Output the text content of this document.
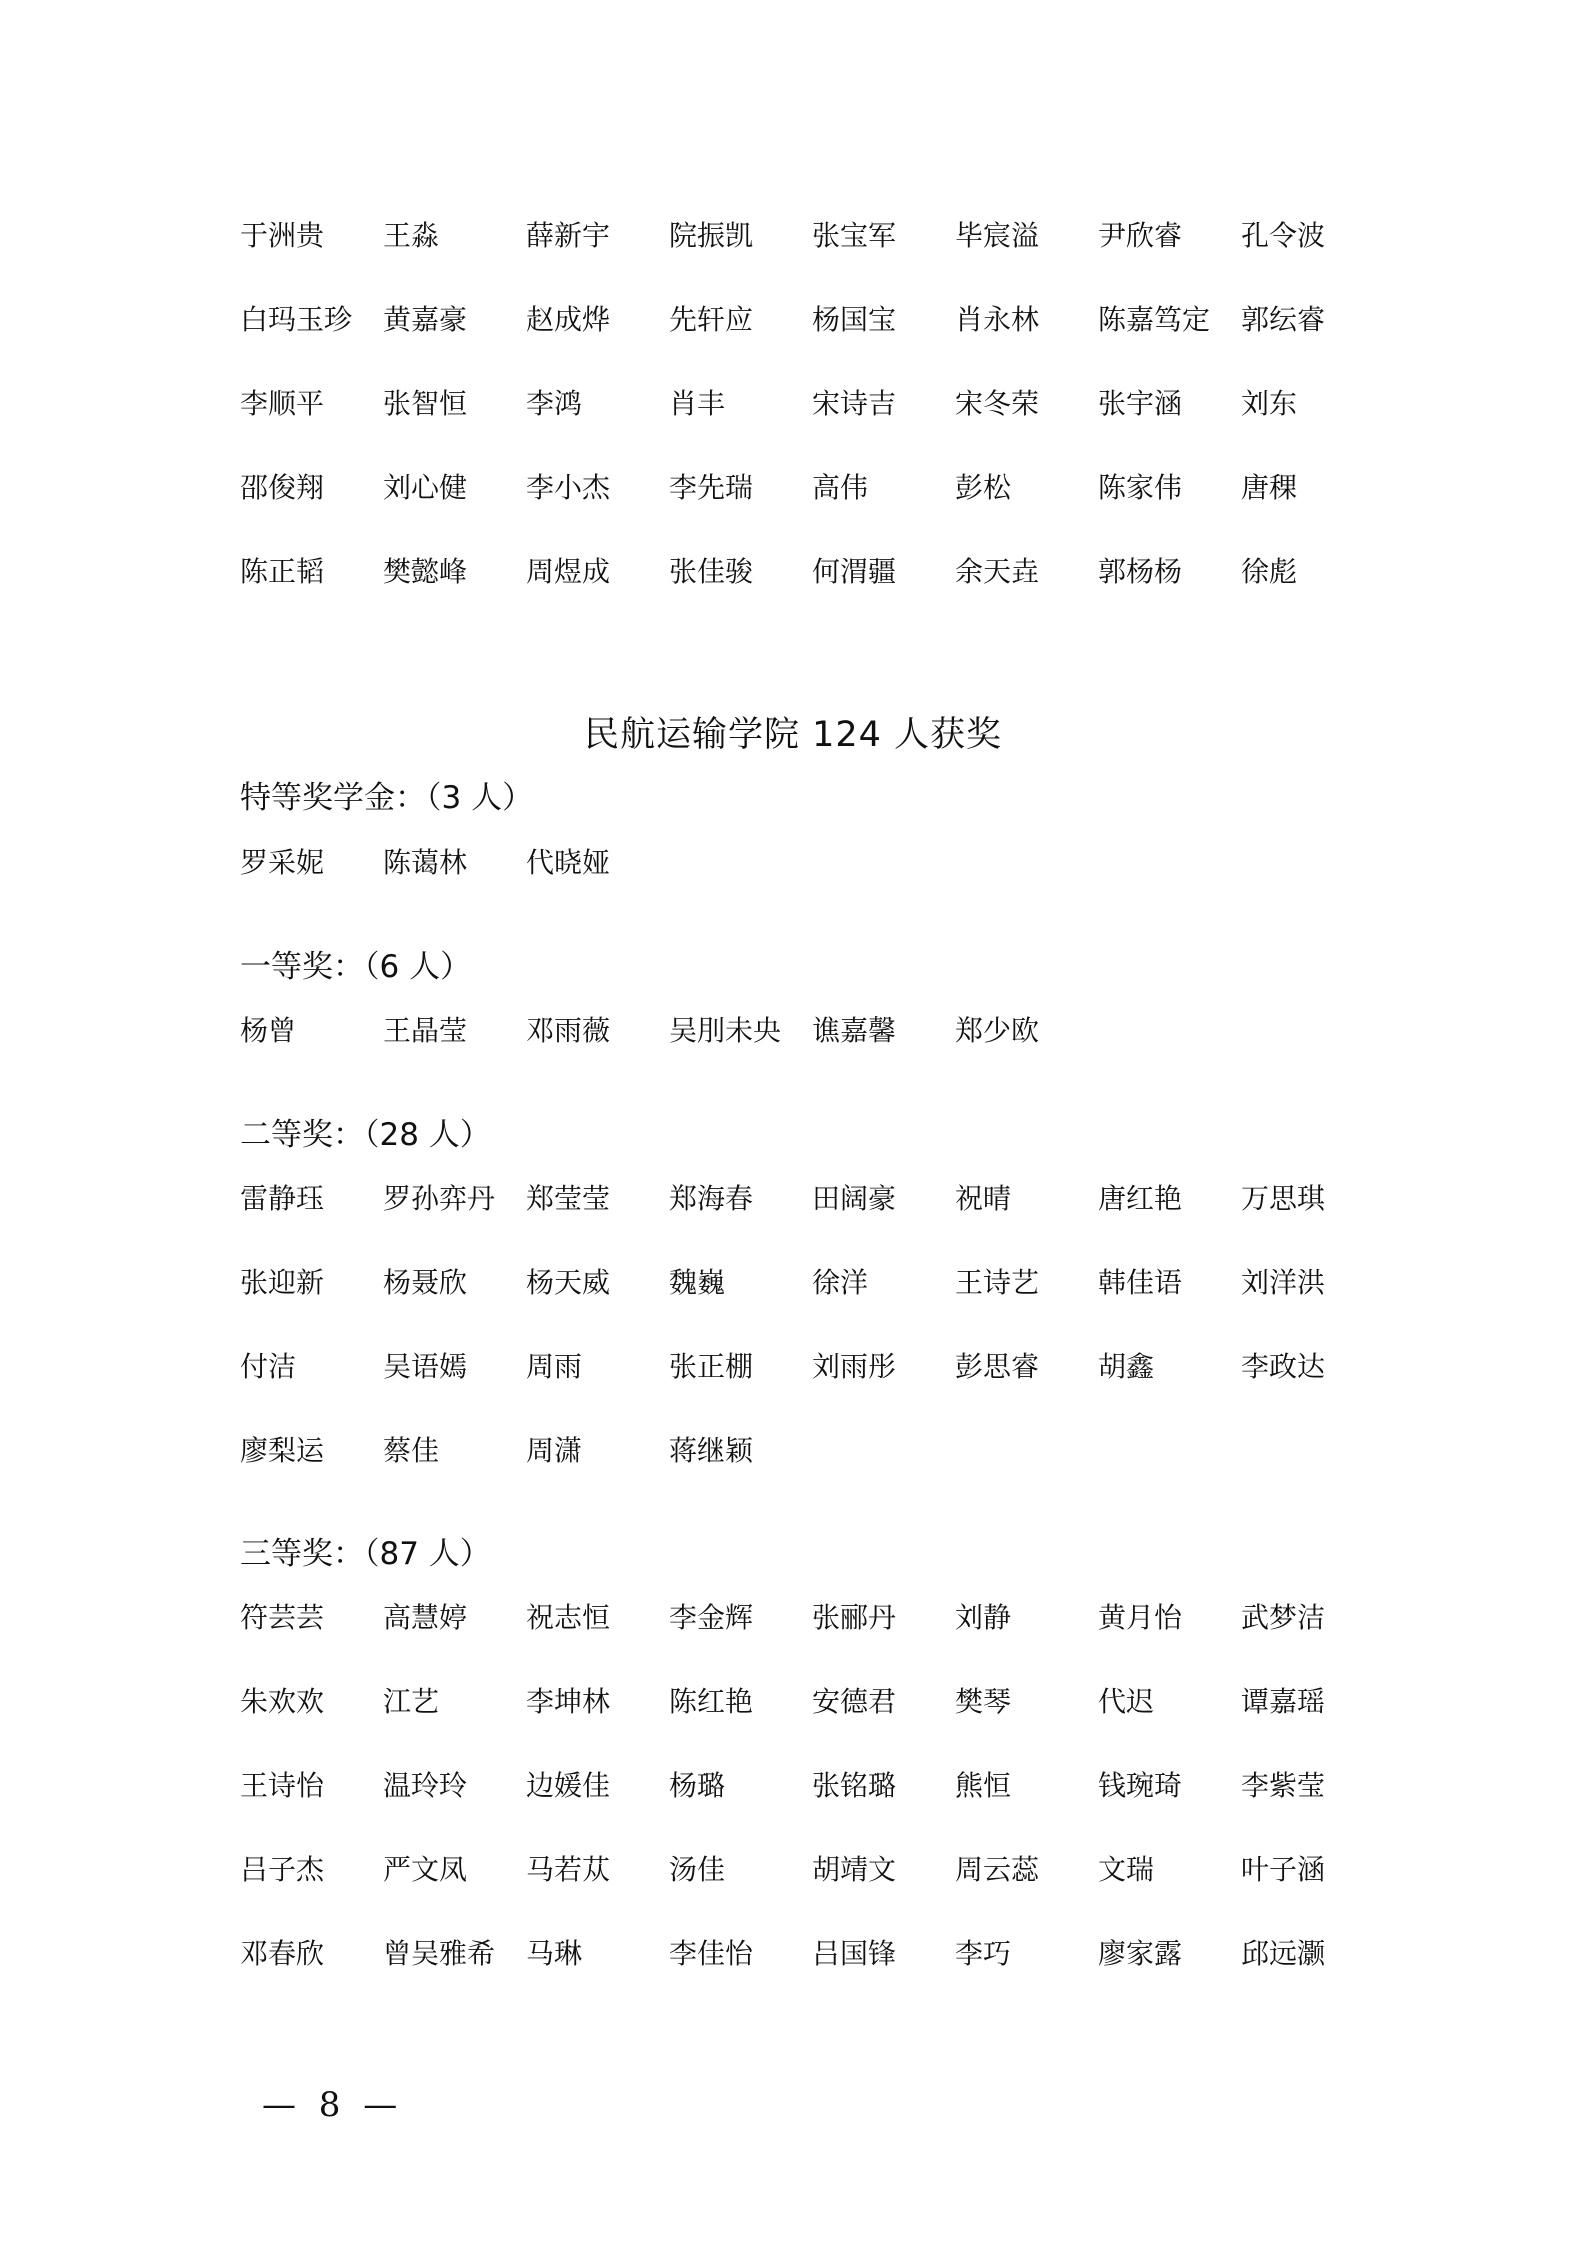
于洲贵 王淼	薛新宇 院振凯 张宝军 毕宸溢 尹欣睿 孔令波
白玛玉珍 黄嘉豪 赵成烨 先轩应 杨国宝 肖永林 陈嘉笃定 郭纭睿
李顺平 张智恒 李鸿	肖丰	宋诗吉 宋冬荣 张宇涵 刘东
邵俊翔 刘心健 李小杰 李先瑞 高伟	彭松	陈家伟 唐稞
陈正韬 樊懿峰 周煜成 张佳骏 何渭疆 余天垚 郭杨杨 徐彪
民航运输学院 124 人获奖
特等奖学金：（3 人）
罗采妮 陈蔼林 代晓娅
一等奖：（6 人）
杨曾	王晶莹 邓雨薇 吴刖未央 谯嘉馨 郑少欧
二等奖：（28 人）
雷静珏 罗孙弈丹 郑莹莹 郑海春 田阔豪 祝晴	唐红艳 万思琪
张迎新 杨聂欣 杨天威 魏巍	徐洋	王诗艺 韩佳语 刘洋洪
付洁	吴语嫣 周雨	张正棚 刘雨彤 彭思睿 胡鑫	李政达
廖梨运 蔡佳	周潇	蒋继颖
三等奖：（87 人）
符芸芸 高慧婷 祝志恒 李金辉 张郦丹 刘静	黄月怡 武梦洁
朱欢欢 江艺	李坤林 陈红艳 安德君 樊琴	代迟	谭嘉瑶
王诗怡 温玲玲 边媛佳 杨璐	张铭璐 熊恒	钱琬琦 李紫莹
吕子杰 严文凤 马若苁 汤佳	胡靖文 周云蕊 文瑞	叶子涵
邓春欣 曾吴雅希 马琳	李佳怡 吕国锋 李巧	廖家露 邱远灏
— 8 —
